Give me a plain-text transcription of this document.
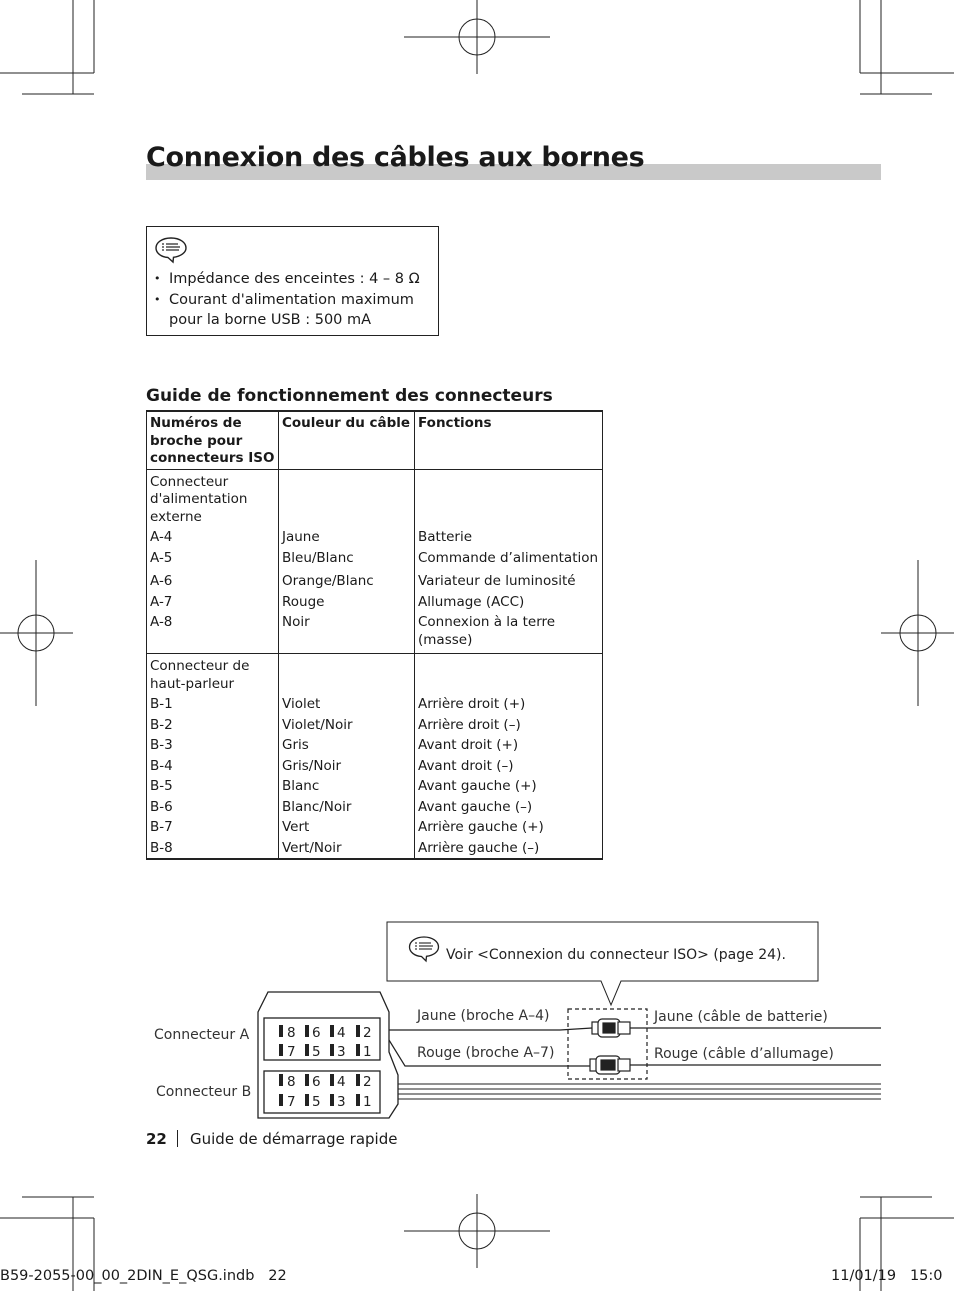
Connexion des câbles aux bornes
• Impédance des enceintes : 4 – 8 Ω
• Courant d'alimentation maximum pour la borne USB : 500 mA
Guide de fonctionnement des connecteurs
Numéros de broche pour connecteurs ISO	Couleur du câble	Fonctions
Connecteur d'alimentation externe		
A-4	Jaune	Batterie
A-5	Bleu/Blanc	Commande d’alimentation
A-6	Orange/Blanc	Variateur de luminosité
A-7	Rouge	Allumage (ACC)
A-8	Noir	Connexion à la terre (masse)
Connecteur de haut-parleur		
B-1	Violet	Arrière droit (+)
B-2	Violet/Noir	Arrière droit (–)
B-3	Gris	Avant droit (+)
B-4	Gris/Noir	Avant droit (–)
B-5	Blanc	Avant gauche (+)
B-6	Blanc/Noir	Avant gauche (–)
B-7	Vert	Arrière gauche (+)
B-8	Vert/Noir	Arrière gauche (–)
Voir <Connexion du connecteur ISO> (page 24).
8 6 4 2
7 5 3 1
8 6 4 2
7 5 3 1
Connecteur A
Connecteur B
Jaune (broche A–4)
Rouge (broche A–7)
Jaune (câble de batterie)
Rouge (câble d’allumage)
22 Guide de démarrage rapide
B59-2055-00_00_2DIN_E_QSG.indb   22	11/01/19   15:0
